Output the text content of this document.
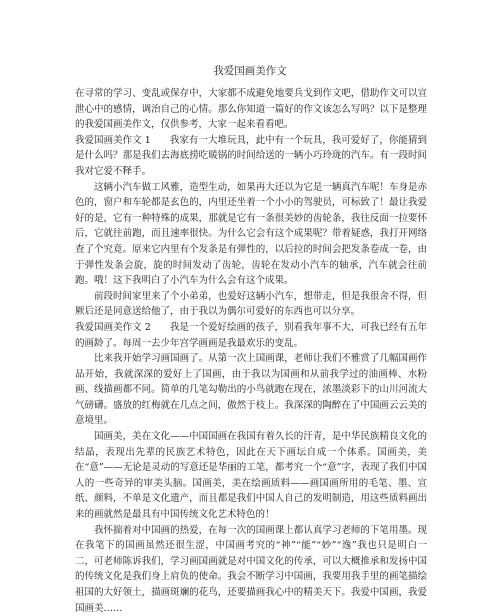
我爱国画美作文

在寻常的学习、变乱或保存中，大家都不成避免地要兵戈到作文吧，借助作文可以宣泄心中的感情，调治自己的心情。那么你知道一篇好的作文该怎么写吗？以下是整理的我爱国画美作文，仅供参考，大家一起来看看吧。

我爱国画美作文 1　　我家有一大堆玩具，此中有一个玩具，我可爱好了，你能猜到是什么吗？那是我们去海底捞吃暖锅的时间给送的一辆小巧玲珑的汽车。有一段时间我对它爱不释手。

这辆小汽车做工风雅，造型生动，如果再大还以为它是一辆真汽车呢！车身是赤色的，窗户和车轮都是玄色的，内里还坐着一个小小的驾驶员，可标致了！最让我爱好的是，它有一种特殊的成果，那就是它有一条很美妙的齿轮条，我往反面一拉要怀后，它就往前跑，而且速率很快。为什么它会有这个成果呢？带着疑惑，我打开网络查了个究竟。原来它内里有个发条是有弹性的，以后拉的时间会把发条卷成一卷，由于弹性发条会旋，旋的时间发动了齿轮，齿轮在发动小汽车的轴承，汽车就会往前跑。哦！这下我明白了小汽车为什么会有这个成果。

前段时间家里来了个小弟弟，也爱好这辆小汽车，想带走，但是我很舍不得，但厥后还是同意送给他了，由于我以为偶尔可爱好的东西也可以分享。

我爱国画美作文 2　　我是一个爱好绘画的孩子，别看我年事不大，可我已经有五年的画龄了。每周一去少年宫学画画是我最欢乐的变乱。

比来我开始学习画国画了。从第一次上国画课，老师让我们不雅赏了几幅国画作品开始，我就深深的爱好上了国画，由于我以为国画和从前我学过的油画棒、水粉画、线描画都不同。简单的几笔勾勒出的小鸟就跑在现在，浓墨淡彩下的山川河流大气磅礴。盛放的红梅就在几点之间，傲然于枝上。我深深的陶醉在了中国画云云美的意境里。

国画美，美在文化——中国国画在我国有着久长的汗青，是中华民族精良文化的结晶，表现出先辈的民族艺术特色，因此在天下画坛自成一个体系。国画美，美在“意”——无论是灵动的写意还是华丽的工笔，都考究一个“意”字，表现了我们中国人的一些奇异的审美头脑。国画美，美在绘画质料——画国画所用的毛笔、墨、宣纸、颜料，不单是文化遗产，而且都是我们中国人自己的发明制造，用这些质料画出来的画就然是最具有中国传统文化艺术特色的！

我怀揣着对中国画的热爱，在每一次的国画课上都认真学习老师的下笔用墨。现在我笔下的国画虽然还很生涩，中国画考究的“神”“能”“妙”“逸”我也只是明白一二，可老师陈诉我们，学习画国画就是对中国文化的传承，可以大概推承和发扬中国的传统文化是我们身上肩负的使命。我会不断学习中国画，我要用我手里的画笔描绘祖国的大好领土，描画斑斓的花鸟，还要描画我心中的精美天下。我爱中国画，我爱国画美……
